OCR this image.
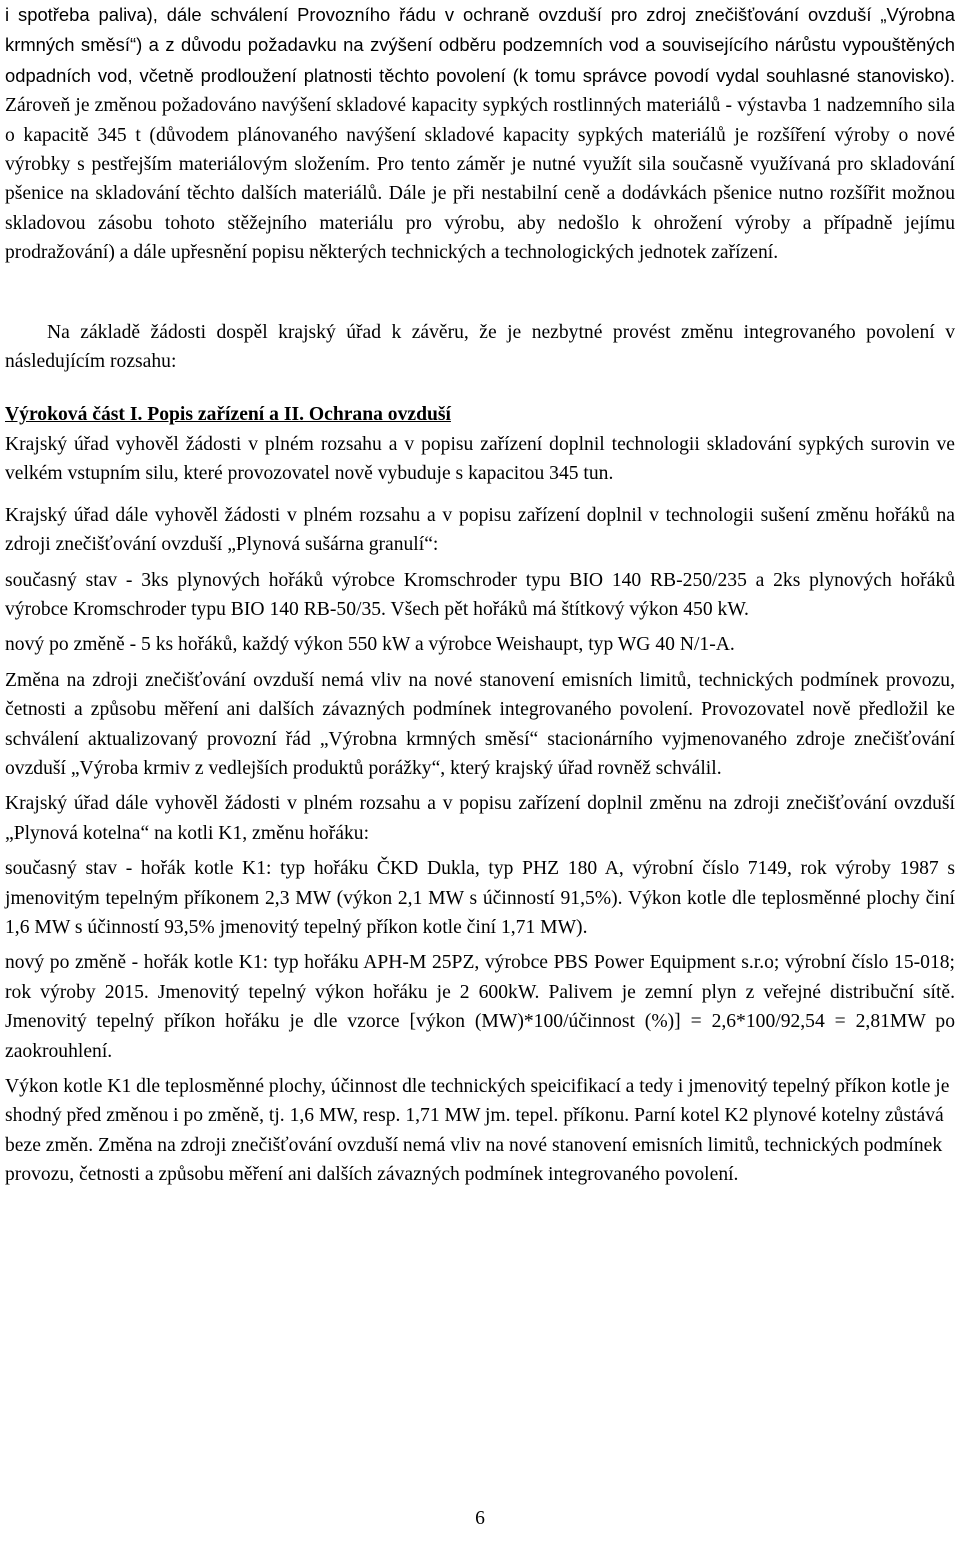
i spotřeba paliva), dále schválení Provozního řádu v ochraně ovzduší pro zdroj znečišťování ovzduší „Výrobna krmných směsí“) a z důvodu požadavku na zvýšení odběru podzemních vod a souvisejícího nárůstu vypouštěných odpadních vod, včetně prodloužení platnosti těchto povolení (k tomu správce povodí vydal souhlasné stanovisko). Zároveň je změnou požadováno navýšení skladové kapacity sypkých rostlinných materiálů - výstavba 1 nadzemního sila o kapacitě 345 t (důvodem plánovaného navýšení skladové kapacity sypkých materiálů je rozšíření výroby o nové výrobky s pestřejším materiálovým složením. Pro tento záměr je nutné využít sila současně využívaná pro skladování pšenice na skladování těchto dalších materiálů. Dále je při nestabilní ceně a dodávkách pšenice nutno rozšířit možnou skladovou zásobu tohoto stěžejního materiálu pro výrobu, aby nedošlo k ohrožení výroby a případně jejímu prodražování) a dále upřesnění popisu některých technických a technologických jednotek zařízení.

Na základě žádosti dospěl krajský úřad k závěru, že je nezbytné provést změnu integrovaného povolení v následujícím rozsahu:

Výroková část I. Popis zařízení a II. Ochrana ovzduší

Krajský úřad vyhověl žádosti v plném rozsahu a v popisu zařízení doplnil technologii skladování sypkých surovin ve velkém vstupním silu, které provozovatel nově vybuduje s kapacitou 345 tun.

Krajský úřad dále vyhověl žádosti v plném rozsahu a v popisu zařízení doplnil v technologii sušení změnu hořáků na zdroji znečišťování ovzduší „Plynová sušárna granulí“:

současný stav - 3ks plynových hořáků výrobce Kromschroder typu BIO 140 RB-250/235 a 2ks plynových hořáků výrobce Kromschroder typu BIO 140 RB-50/35. Všech pět hořáků má štítkový výkon 450 kW.

nový po změně - 5 ks hořáků, každý výkon 550 kW a výrobce Weishaupt, typ WG 40 N/1-A.

Změna na zdroji znečišťování ovzduší nemá vliv na nové stanovení emisních limitů, technických podmínek provozu, četnosti a způsobu měření ani dalších závazných podmínek integrovaného povolení. Provozovatel nově předložil ke schválení aktualizovaný provozní řád „Výrobna krmných směsí“ stacionárního vyjmenovaného zdroje znečišťování ovzduší „Výroba krmiv z vedlejších produktů porážky“, který krajský úřad rovněž schválil.

Krajský úřad dále vyhověl žádosti v plném rozsahu a v popisu zařízení doplnil změnu na zdroji znečišťování ovzduší „Plynová kotelna“ na kotli K1, změnu hořáku:

současný stav - hořák kotle K1: typ hořáku ČKD Dukla, typ PHZ 180 A, výrobní číslo 7149, rok výroby 1987 s jmenovitým tepelným příkonem 2,3 MW (výkon 2,1 MW s účinností 91,5%). Výkon kotle dle teplosměnné plochy činí 1,6 MW s účinností 93,5% jmenovitý tepelný příkon kotle činí 1,71 MW).

nový po změně - hořák kotle K1: typ hořáku APH-M 25PZ, výrobce PBS Power Equipment s.r.o; výrobní číslo 15-018; rok výroby 2015. Jmenovitý tepelný výkon hořáku je 2 600kW. Palivem je zemní plyn z veřejné distribuční sítě. Jmenovitý tepelný příkon hořáku je dle vzorce [výkon (MW)*100/účinnost (%)] = 2,6*100/92,54 = 2,81MW po zaokrouhlení.

Výkon kotle K1 dle teplosměnné plochy, účinnost dle technických speicifikací a tedy i jmenovitý tepelný příkon kotle je shodný před změnou i po změně, tj. 1,6 MW, resp. 1,71 MW jm. tepel. příkonu. Parní kotel K2 plynové kotelny zůstává beze změn. Změna na zdroji znečišťování ovzduší nemá vliv na nové stanovení emisních limitů, technických podmínek provozu, četnosti a způsobu měření ani dalších závazných podmínek integrovaného povolení.

6
